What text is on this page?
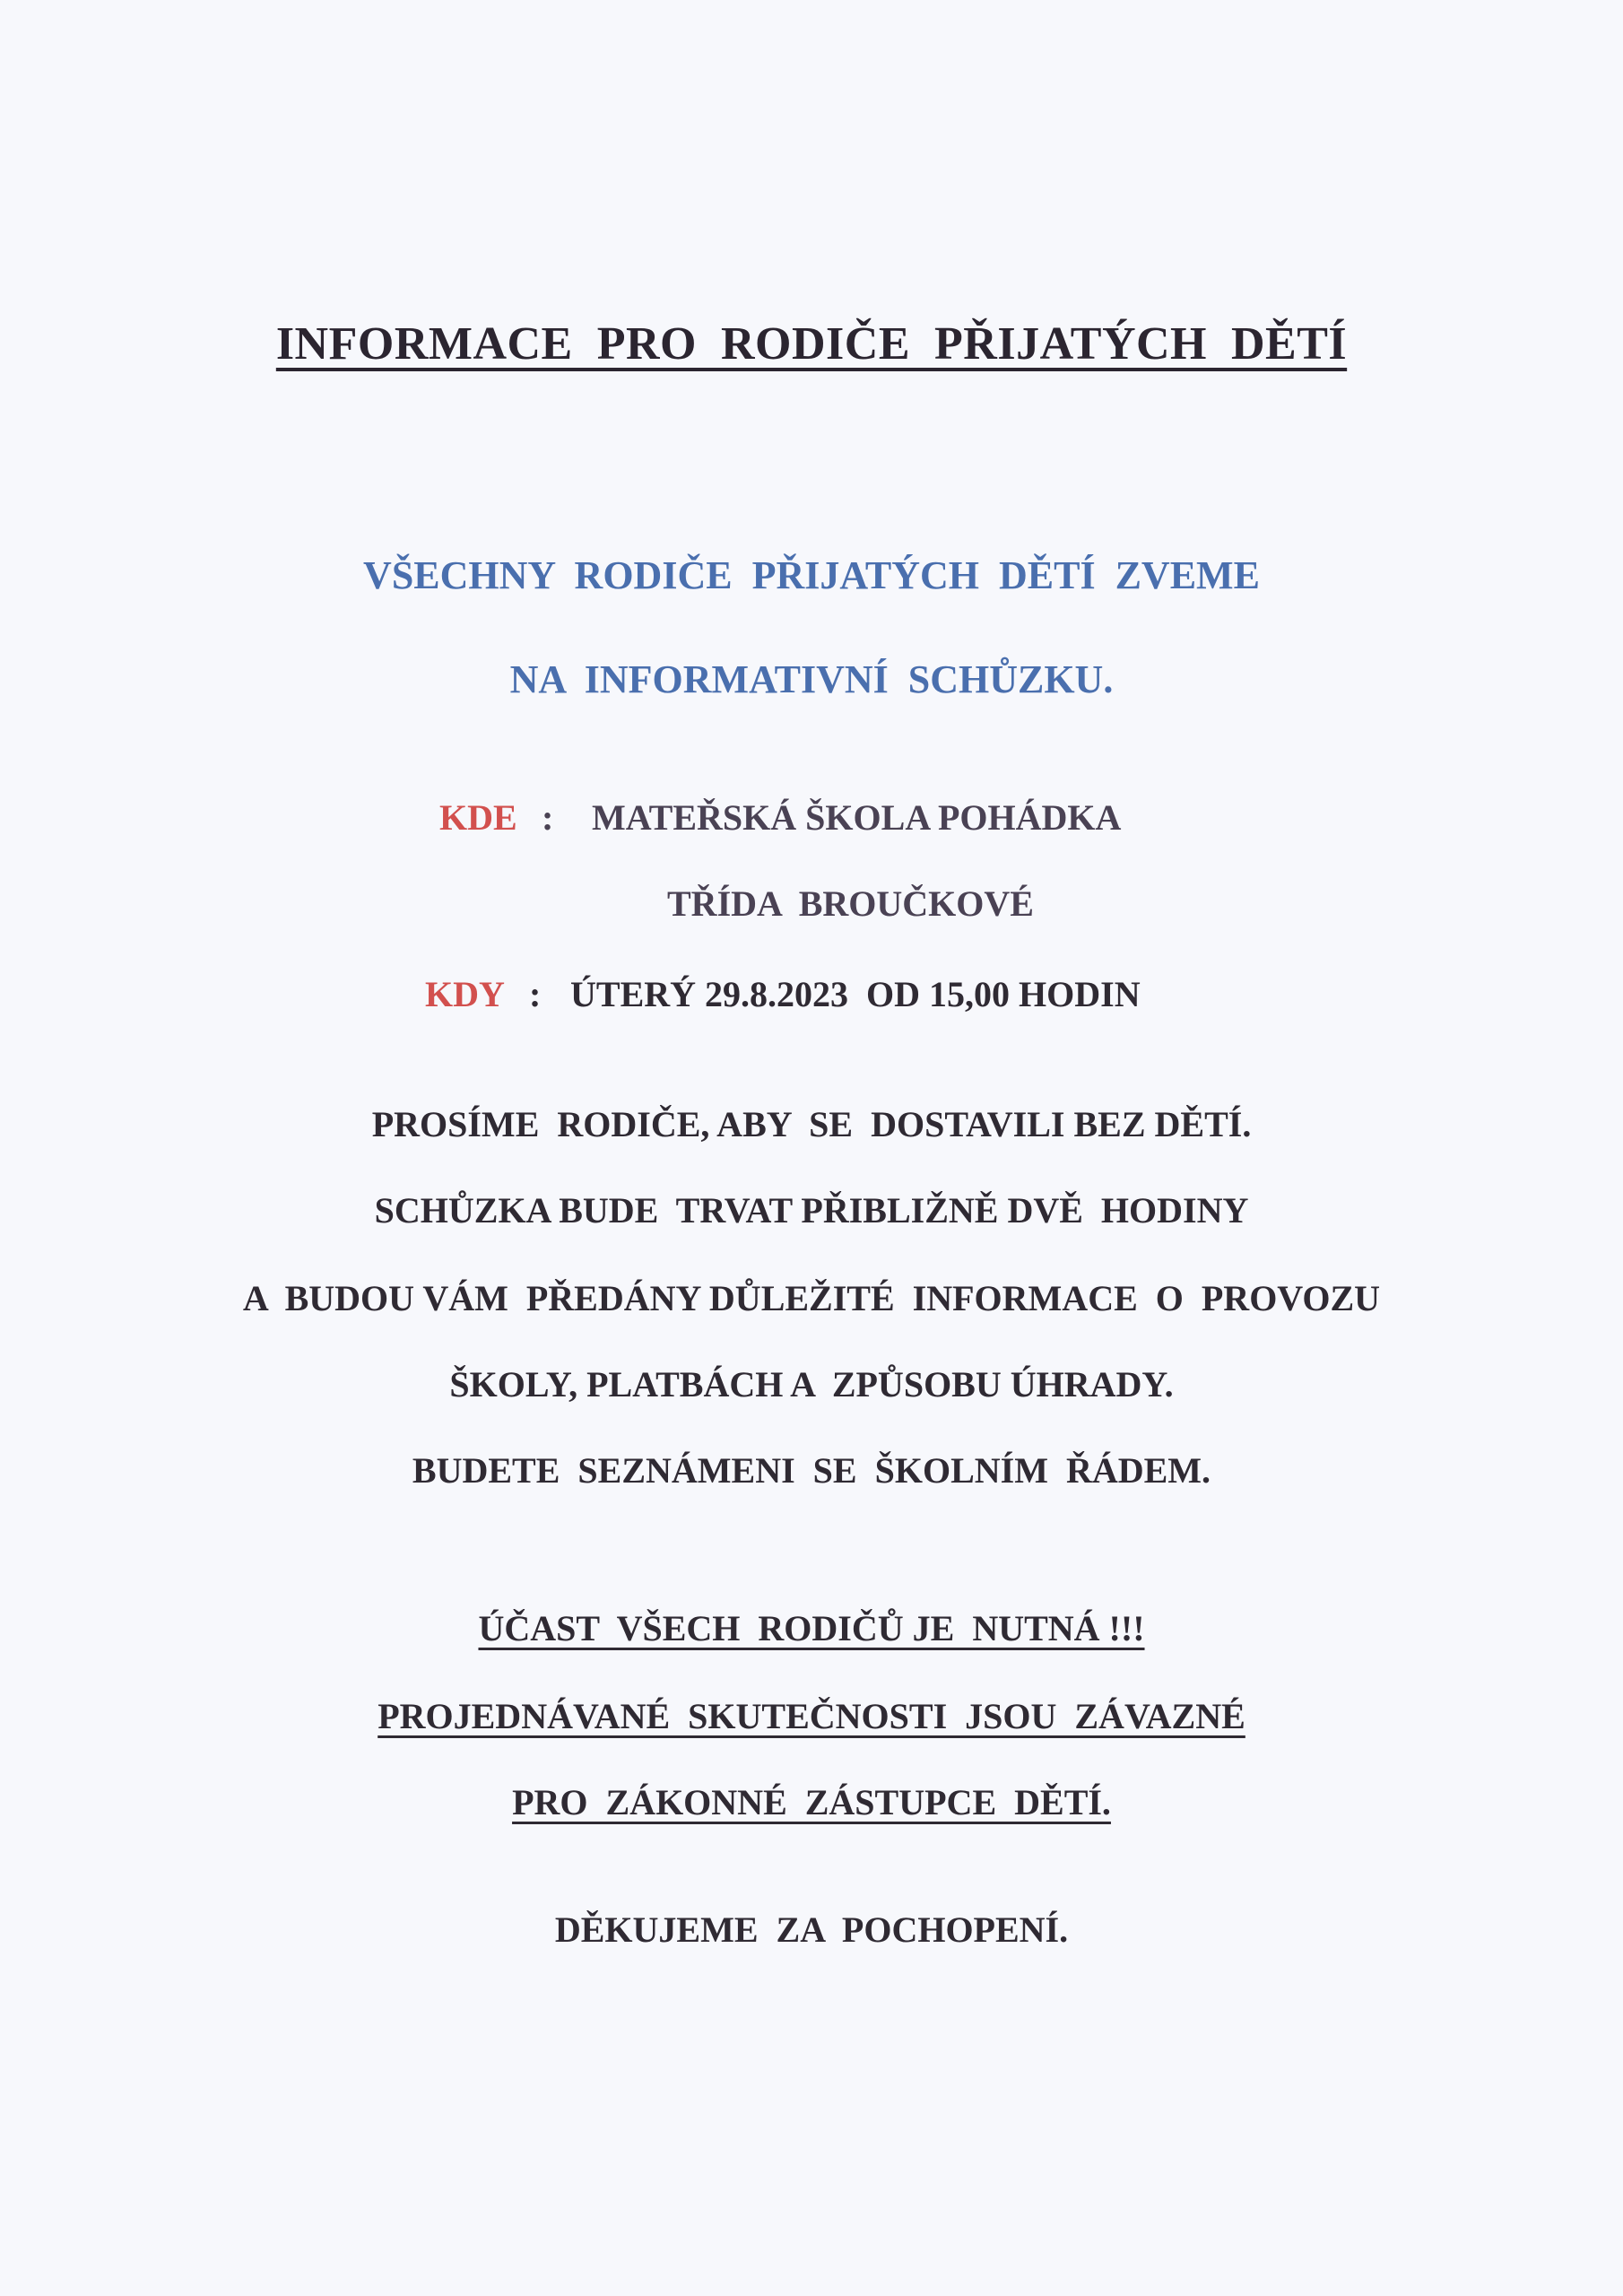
INFORMACE  PRO  RODIČE  PŘIJATÝCH  DĚTÍ
VŠECHNY  RODIČE  PŘIJATÝCH  DĚTÍ  ZVEME
NA  INFORMATIVNÍ  SCHŮZKU.
KDE : MATEŘSKÁ ŠKOLA POHÁDKA
TŘÍDA  BROUČKOVÉ
KDY : ÚTERÝ 29.8.2023  OD 15,00 HODIN
PROSÍME  RODIČE, ABY  SE  DOSTAVILI BEZ DĚTÍ.
SCHŮZKA BUDE  TRVAT PŘIBLIŽNĚ DVĚ  HODINY
A  BUDOU VÁM  PŘEDÁNY DŮLEŽITÉ  INFORMACE  O  PROVOZU
ŠKOLY, PLATBÁCH A  ZPŮSOBU ÚHRADY.
BUDETE  SEZNÁMENI  SE  ŠKOLNÍM  ŘÁDEM.
ÚČAST  VŠECH  RODIČŮ JE  NUTNÁ !!!
PROJEDNÁVANÉ  SKUTEČNOSTI  JSOU  ZÁVAZNÉ
PRO  ZÁKONNÉ  ZÁSTUPCE  DĚTÍ.
DĚKUJEME  ZA  POCHOPENÍ.
